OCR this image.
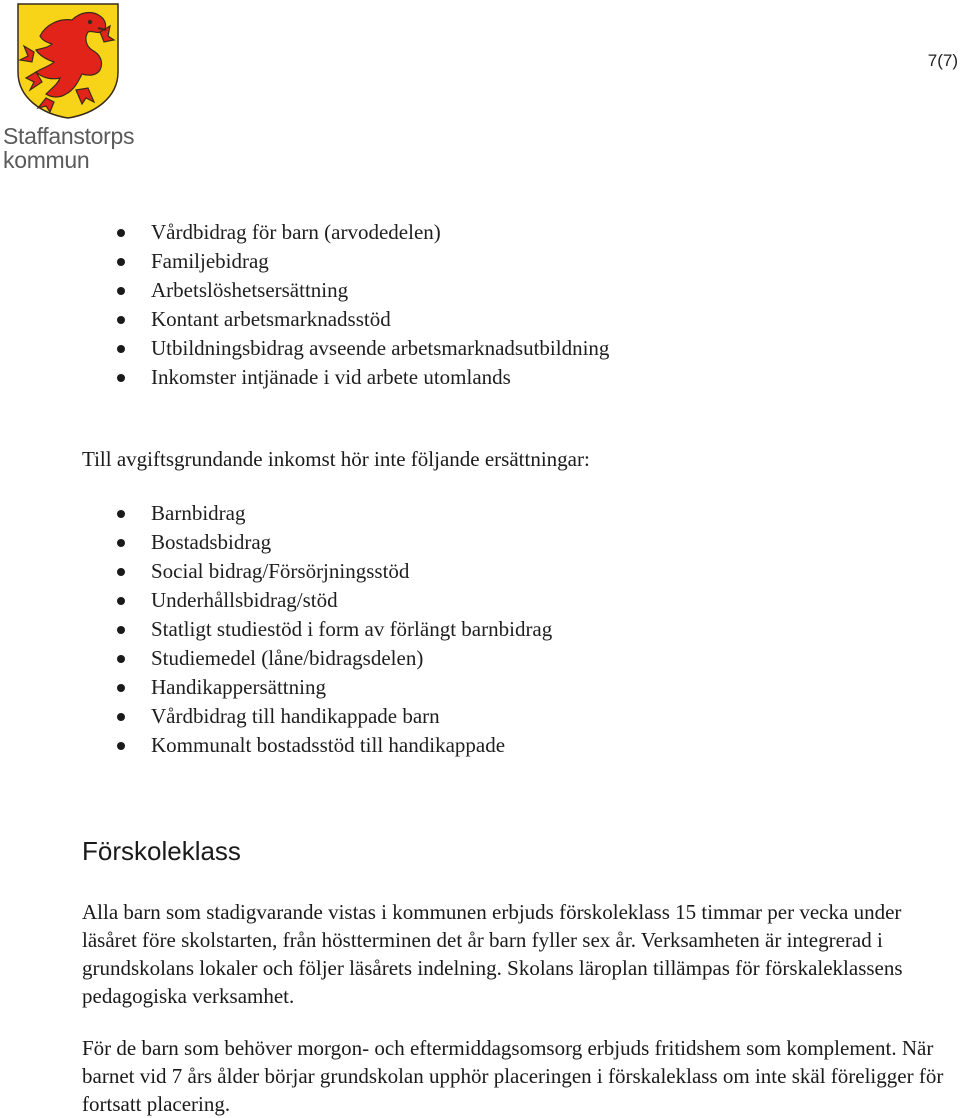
Staffanstorps
kommun
7(7)
Vårdbidrag för barn (arvodedelen)
Familjebidrag
Arbetslöshetsersättning
Kontant arbetsmarknadsstöd
Utbildningsbidrag avseende arbetsmarknadsutbildning
Inkomster intjänade i vid arbete utomlands

Till avgiftsgrundande inkomst hör inte följande ersättningar:

Barnbidrag
Bostadsbidrag
Social bidrag/Försörjningsstöd
Underhållsbidrag/stöd
Statligt studiestöd i form av förlängt barnbidrag
Studiemedel (låne/bidragsdelen)
Handikappersättning
Vårdbidrag till handikappade barn
Kommunalt bostadsstöd till handikappade
Förskoleklass

Alla barn som stadigvarande vistas i kommunen erbjuds förskoleklass 15 timmar per vecka under läsåret före skolstarten, från höstterminen det år barn fyller sex år. Verksamheten är integrerad i grundskolans lokaler och följer läsårets indelning. Skolans läroplan tillämpas för förskaleklassens pedagogiska verksamhet.

För de barn som behöver morgon- och eftermiddagsomsorg erbjuds fritidshem som komplement. När barnet vid 7 års ålder börjar grundskolan upphör placeringen i förskaleklass om inte skäl föreligger för fortsatt placering.
